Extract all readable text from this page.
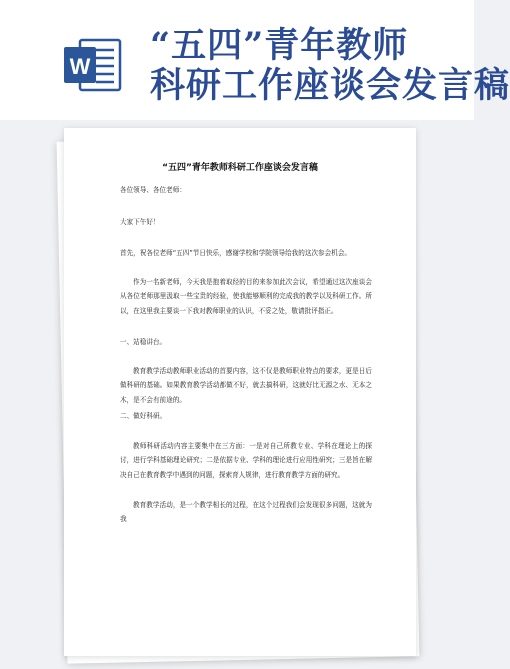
W
“五四”青年教师
科研工作座谈会发言稿
“五四”青年教师科研工作座谈会发言稿
各位领导、各位老师：
大家下午好！
首先，祝各位老师“五四”节日快乐，感谢学校和学院领导给我的这次参会机会。
作为一名新老师，今天我是抱着取经的目的来参加此次会议，希望通过这次座谈会从各位老师那里汲取一些宝贵的经验，使我能够顺利的完成我的教学以及科研工作。所以，在这里我主要谈一下我对教师职业的认识，不妥之处，敬请批评指正。
一、站稳讲台。
教育教学活动教师职业活动的首要内容，这不仅是教师职业特点的要求，更是日后做科研的基础。如果教育教学活动都做不好，就去搞科研，这就好比无源之水、无本之木，是不会有前途的。
二、做好科研。
教师科研活动内容主要集中在三方面：一是对自己所教专业、学科在理论上的探讨，进行学科基础理论研究；二是依据专业、学科的理论进行应用性研究；三是旨在解决自己在教育教学中遇到的问题，探索育人规律，进行教育教学方面的研究。
教育教学活动，是一个教学相长的过程，在这个过程我们会发现很多问题，这就为我
